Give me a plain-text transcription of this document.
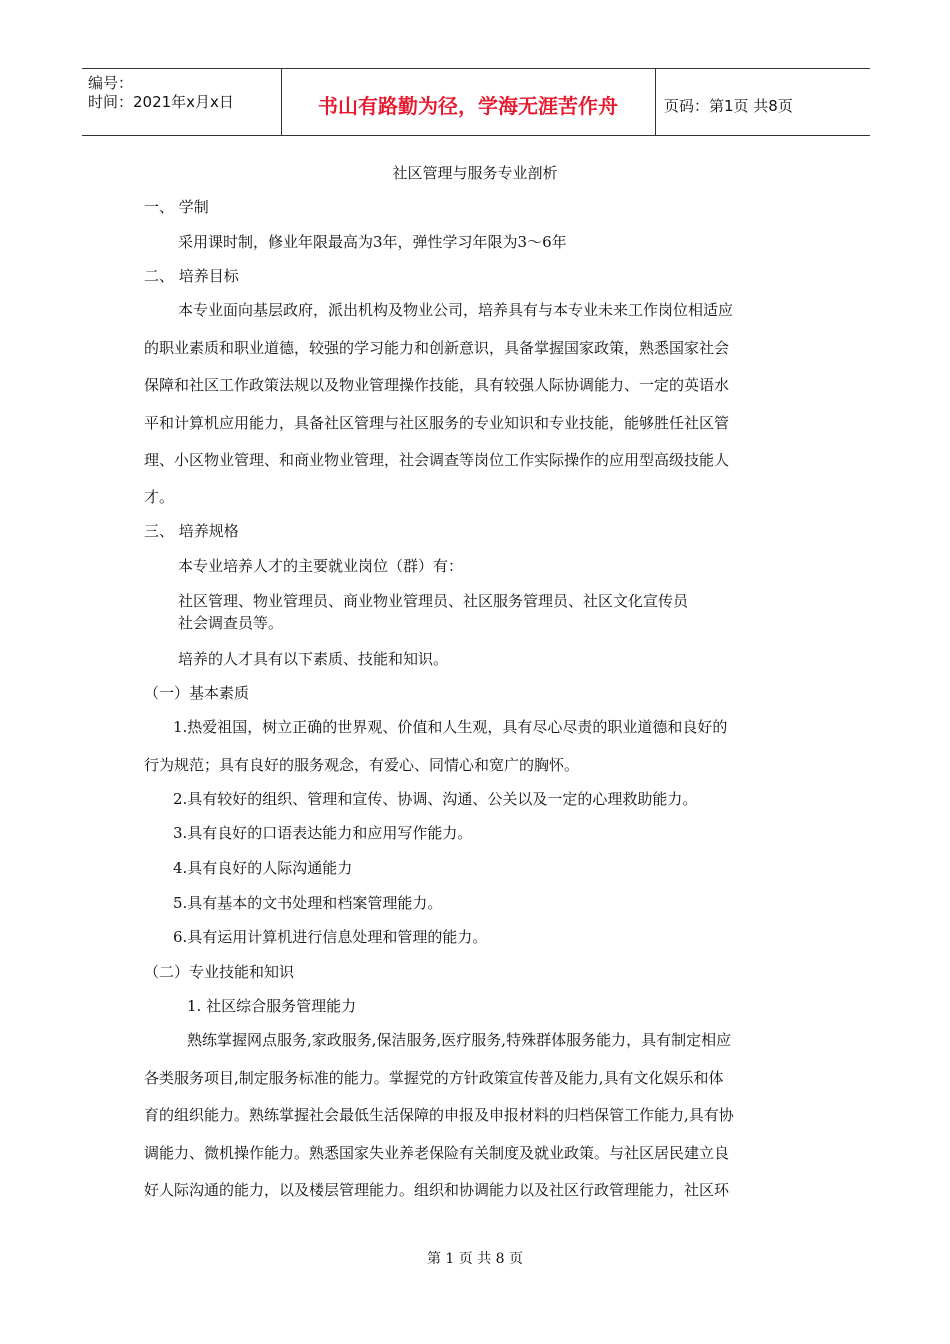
编号：
时间：2021年x月x日	书山有路勤为径，学海无涯苦作舟	页码：第1页 共8页
社区管理与服务专业剖析
一、 学制
采用课时制，修业年限最高为3年，弹性学习年限为3～6年
二、 培养目标
本专业面向基层政府，派出机构及物业公司，培养具有与本专业未来工作岗位相适应
的职业素质和职业道德，较强的学习能力和创新意识，具备掌握国家政策，熟悉国家社会
保障和社区工作政策法规以及物业管理操作技能，具有较强人际协调能力、一定的英语水
平和计算机应用能力，具备社区管理与社区服务的专业知识和专业技能，能够胜任社区管
理、小区物业管理、和商业物业管理，社会调查等岗位工作实际操作的应用型高级技能人
才。
三、 培养规格
本专业培养人才的主要就业岗位（群）有：
社区管理、物业管理员、商业物业管理员、社区服务管理员、社区文化宣传员
社会调查员等。
培养的人才具有以下素质、技能和知识。
（一）基本素质
1.热爱祖国，树立正确的世界观、价值和人生观，具有尽心尽责的职业道德和良好的
行为规范；具有良好的服务观念，有爱心、同情心和宽广的胸怀。
2.具有较好的组织、管理和宣传、协调、沟通、公关以及一定的心理救助能力。
3.具有良好的口语表达能力和应用写作能力。
4.具有良好的人际沟通能力
5.具有基本的文书处理和档案管理能力。
6.具有运用计算机进行信息处理和管理的能力。
（二）专业技能和知识
1. 社区综合服务管理能力
熟练掌握网点服务,家政服务,保洁服务,医疗服务,特殊群体服务能力，具有制定相应
各类服务项目,制定服务标准的能力。掌握党的方针政策宣传普及能力,具有文化娱乐和体
育的组织能力。熟练掌握社会最低生活保障的申报及申报材料的归档保管工作能力,具有协
调能力、微机操作能力。熟悉国家失业养老保险有关制度及就业政策。与社区居民建立良
好人际沟通的能力，以及楼层管理能力。组织和协调能力以及社区行政管理能力，社区环
第 1 页 共 8 页
